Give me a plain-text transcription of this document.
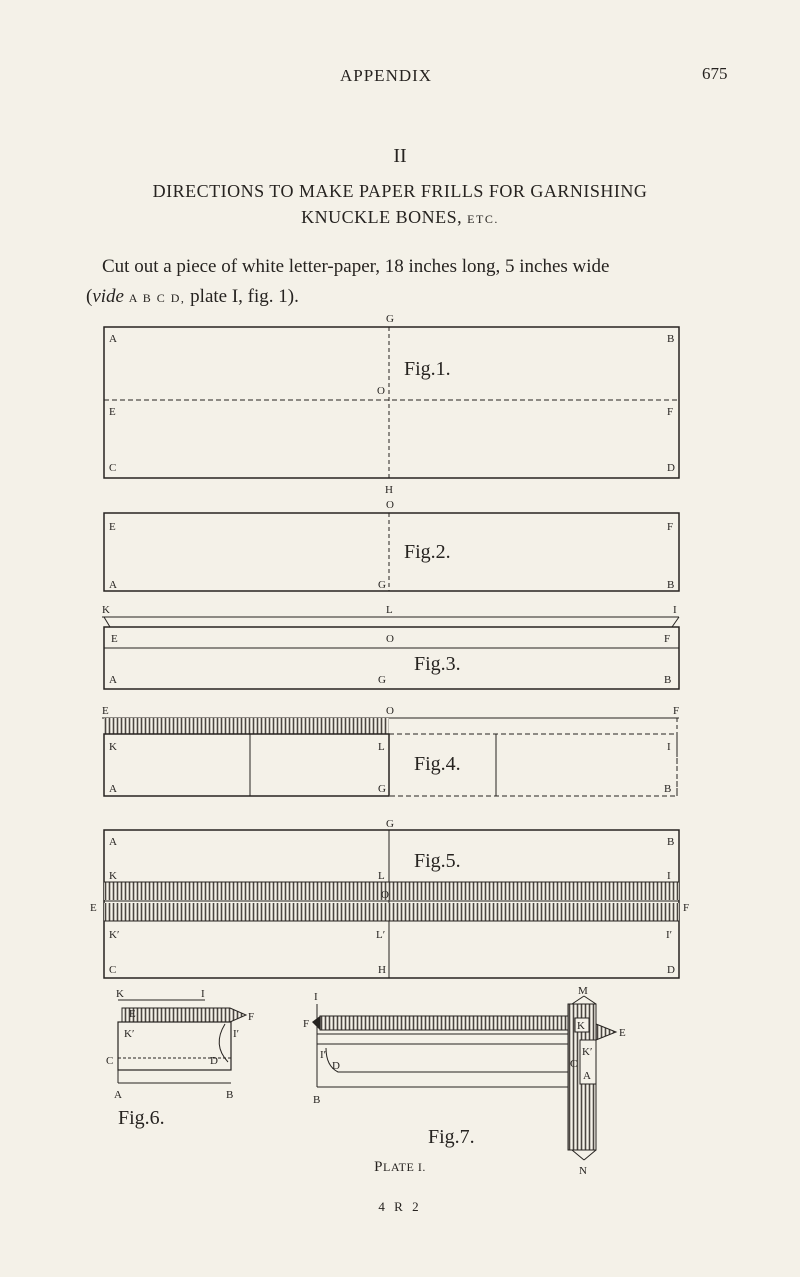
APPENDIX	675
II
DIRECTIONS TO MAKE PAPER FRILLS FOR GARNISHING
KNUCKLE BONES, ETC.
Cut out a piece of white letter-paper, 18 inches long, 5 inches wide
(vide A B C D, plate I, fig. 1).
G
A	B
O
E	F
C	D
H
Fig.1.
O
E	F
A	G	B
Fig.2.
K	L	I
E	O	F
A	G	B
Fig.3.
E	O	F
K	L	I
A	G	B
Fig.4.
G
A	B
K	L	I
E
O
F
K′	L′	I′
C	H	D
Fig.5.
K	I
E	F
K′	I′
C	D
A	B
Fig.6.
I
F
I′
D
B
M
K
E
K′
C
A
N
Fig.7.
PLATE I.
4 R 2
